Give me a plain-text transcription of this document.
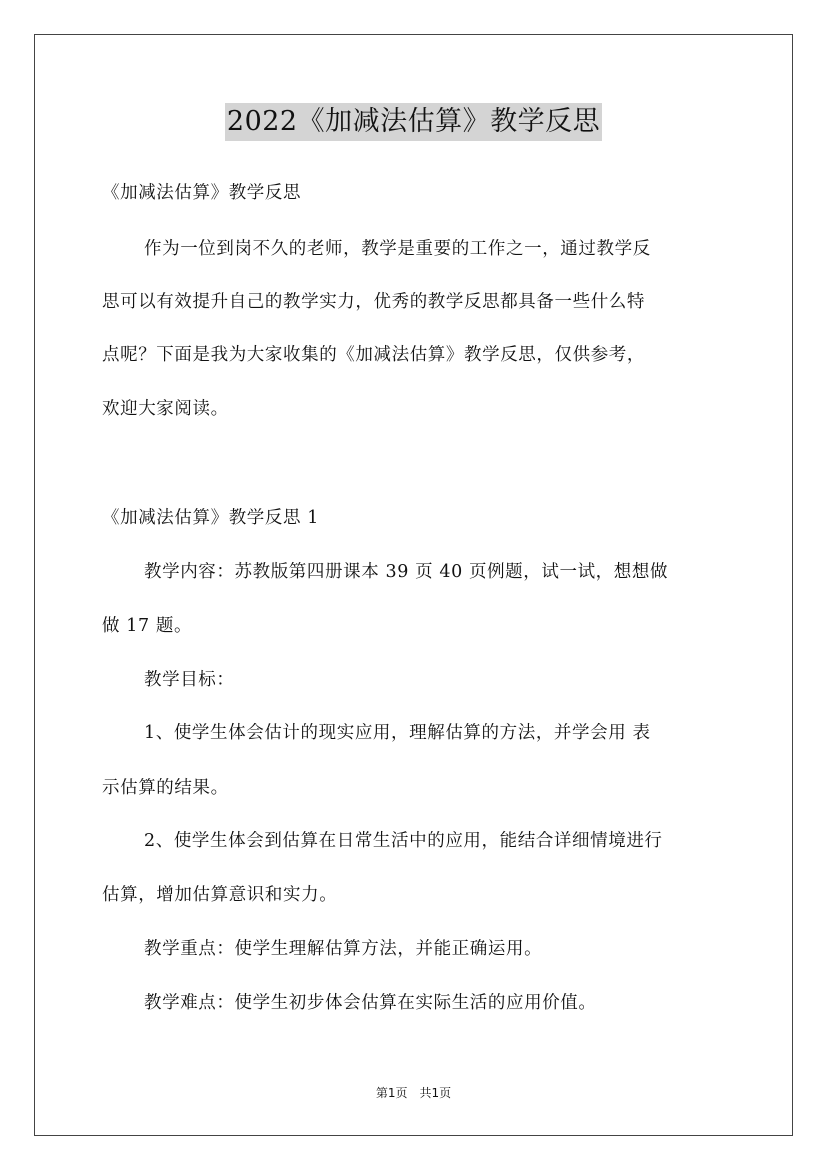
2022《加减法估算》教学反思
《加减法估算》教学反思
作为一位到岗不久的老师，教学是重要的工作之一，通过教学反
思可以有效提升自己的教学实力，优秀的教学反思都具备一些什么特
点呢？下面是我为大家收集的《加减法估算》教学反思，仅供参考，
欢迎大家阅读。
《加减法估算》教学反思 1
教学内容：苏教版第四册课本 39 页 40 页例题，试一试，想想做
做 17 题。
教学目标：
1、使学生体会估计的现实应用，理解估算的方法，并学会用 表
示估算的结果。
2、使学生体会到估算在日常生活中的应用，能结合详细情境进行
估算，增加估算意识和实力。
教学重点：使学生理解估算方法，并能正确运用。
教学难点：使学生初步体会估算在实际生活的应用价值。
第1页　共1页
